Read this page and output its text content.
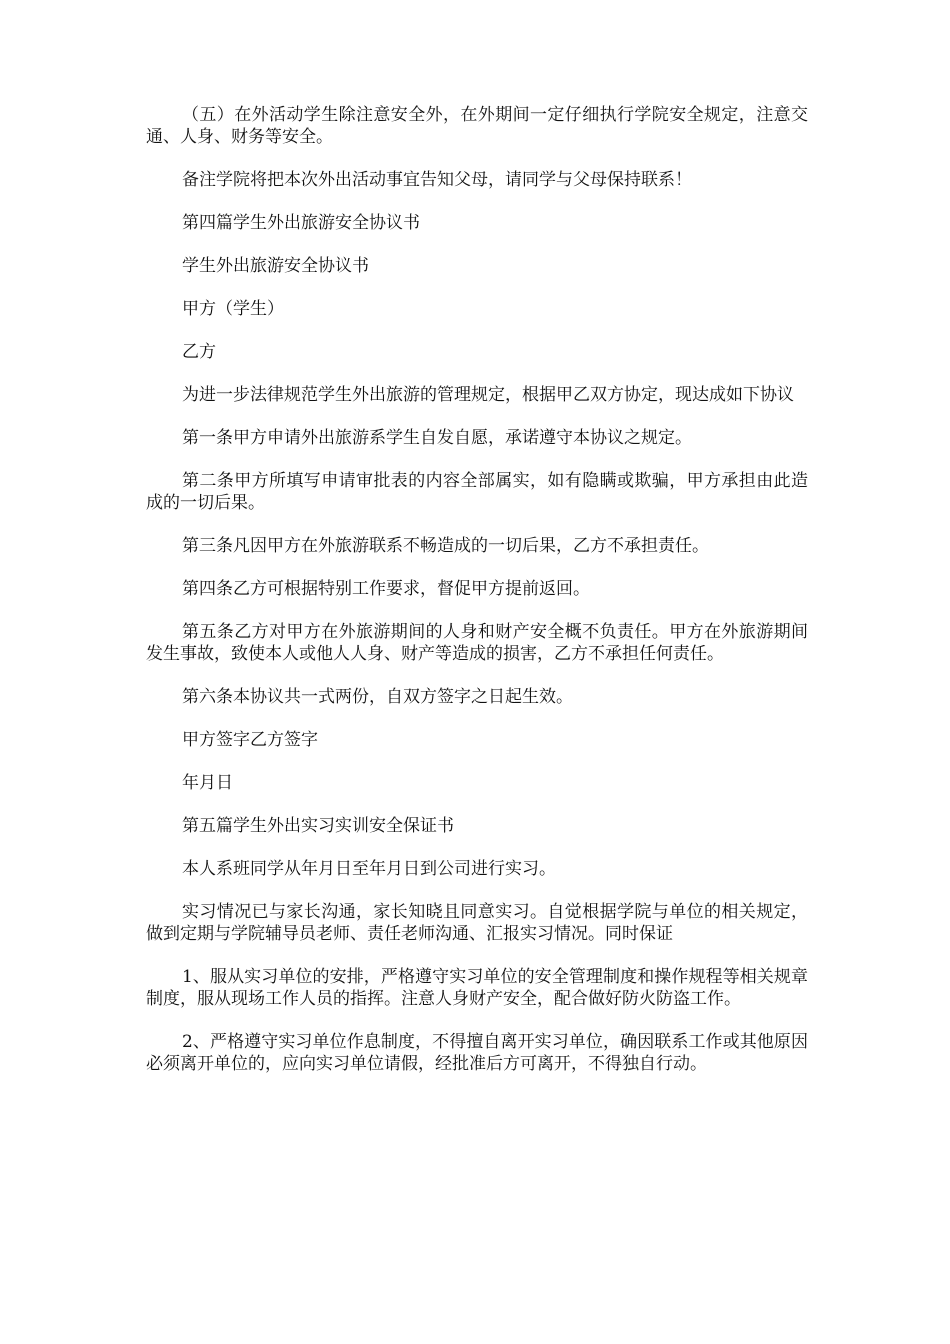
（五）在外活动学生除注意安全外，在外期间一定仔细执行学院安全规定，注意交通、人身、财务等安全。

备注学院将把本次外出活动事宜告知父母，请同学与父母保持联系！

第四篇学生外出旅游安全协议书

学生外出旅游安全协议书

甲方（学生）

乙方

为进一步法律规范学生外出旅游的管理规定，根据甲乙双方协定，现达成如下协议

第一条甲方申请外出旅游系学生自发自愿，承诺遵守本协议之规定。

第二条甲方所填写申请审批表的内容全部属实，如有隐瞒或欺骗，甲方承担由此造成的一切后果。

第三条凡因甲方在外旅游联系不畅造成的一切后果，乙方不承担责任。

第四条乙方可根据特别工作要求，督促甲方提前返回。

第五条乙方对甲方在外旅游期间的人身和财产安全概不负责任。甲方在外旅游期间发生事故，致使本人或他人人身、财产等造成的损害，乙方不承担任何责任。

第六条本协议共一式两份，自双方签字之日起生效。

甲方签字乙方签字

年月日

第五篇学生外出实习实训安全保证书

本人系班同学从年月日至年月日到公司进行实习。

实习情况已与家长沟通，家长知晓且同意实习。自觉根据学院与单位的相关规定，做到定期与学院辅导员老师、责任老师沟通、汇报实习情况。同时保证

1、服从实习单位的安排，严格遵守实习单位的安全管理制度和操作规程等相关规章制度，服从现场工作人员的指挥。注意人身财产安全，配合做好防火防盗工作。

2、严格遵守实习单位作息制度，不得擅自离开实习单位，确因联系工作或其他原因必须离开单位的，应向实习单位请假，经批准后方可离开，不得独自行动。
